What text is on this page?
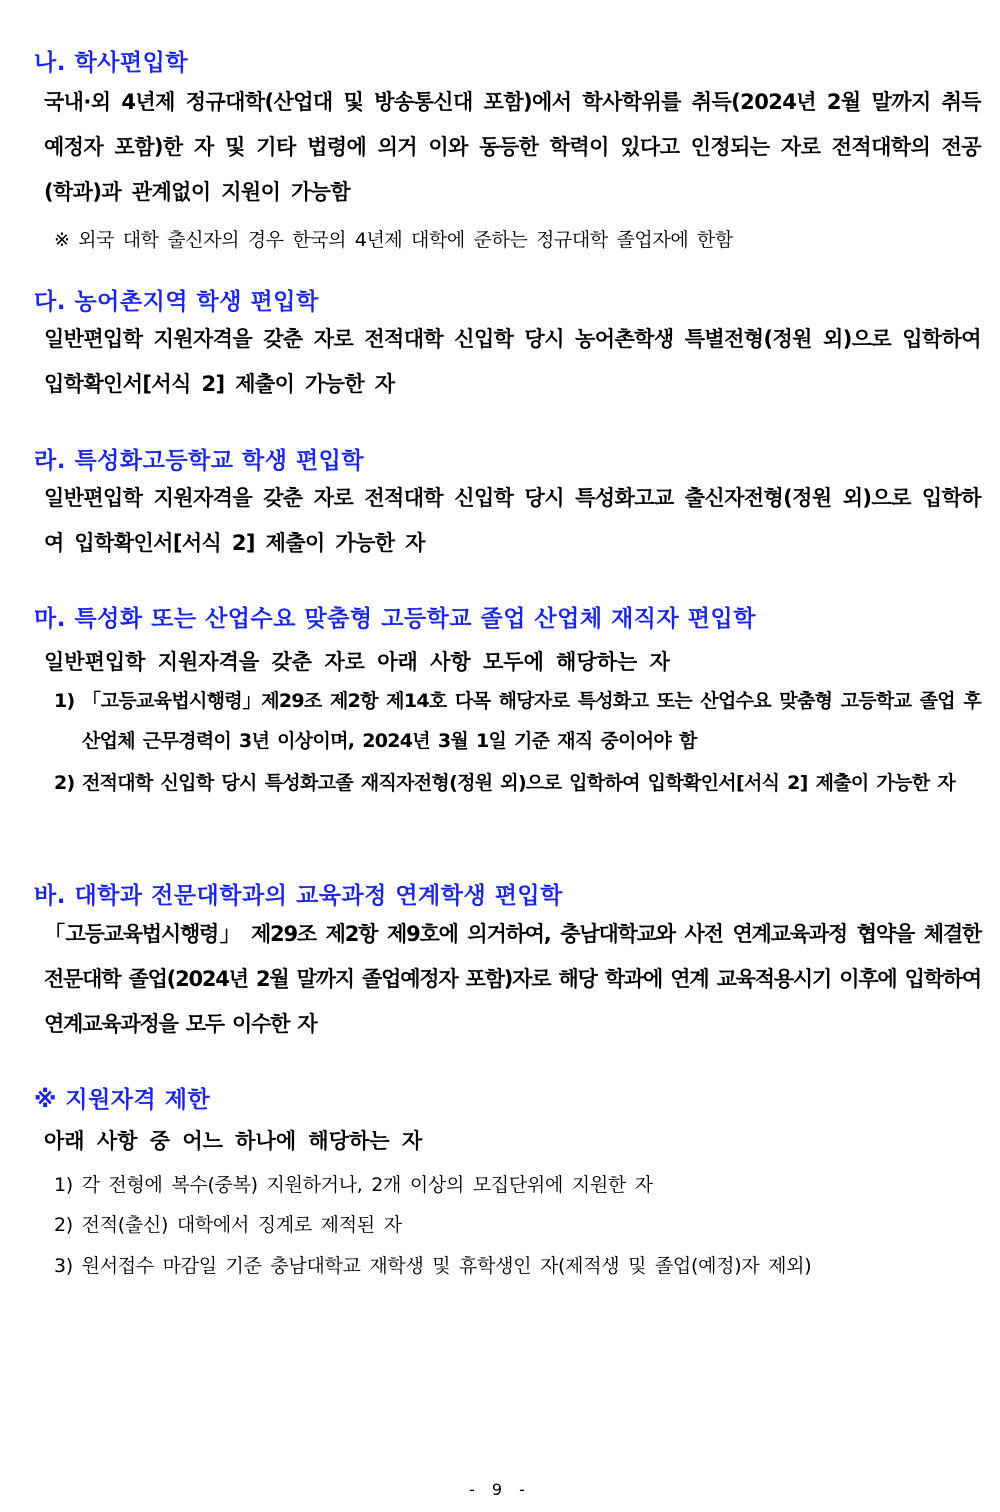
나. 학사편입학
국내·외 4년제 정규대학(산업대 및 방송통신대 포함)에서 학사학위를 취득(2024년 2월 말까지 취득예정자 포함)한 자 및 기타 법령에 의거 이와 동등한 학력이 있다고 인정되는 자로 전적대학의 전공(학과)과 관계없이 지원이 가능함
※ 외국 대학 출신자의 경우 한국의 4년제 대학에 준하는 정규대학 졸업자에 한함
다. 농어촌지역 학생 편입학
일반편입학 지원자격을 갖춘 자로 전적대학 신입학 당시 농어촌학생 특별전형(정원 외)으로 입학하여 입학확인서[서식 2] 제출이 가능한 자
라. 특성화고등학교 학생 편입학
일반편입학 지원자격을 갖춘 자로 전적대학 신입학 당시 특성화고교 출신자전형(정원 외)으로 입학하여 입학확인서[서식 2] 제출이 가능한 자
마. 특성화 또는 산업수요 맞춤형 고등학교 졸업 산업체 재직자 편입학
일반편입학 지원자격을 갖춘 자로 아래 사항 모두에 해당하는 자
1) 「고등교육법시행령」제29조 제2항 제14호 다목 해당자로 특성화고 또는 산업수요 맞춤형 고등학교 졸업 후 산업체 근무경력이 3년 이상이며, 2024년 3월 1일 기준 재직 중이어야 함
2) 전적대학 신입학 당시 특성화고졸 재직자전형(정원 외)으로 입학하여 입학확인서[서식 2] 제출이 가능한 자
바. 대학과 전문대학과의 교육과정 연계학생 편입학
「고등교육법시행령」 제29조 제2항 제9호에 의거하여, 충남대학교와 사전 연계교육과정 협약을 체결한 전문대학 졸업(2024년 2월 말까지 졸업예정자 포함)자로 해당 학과에 연계 교육적용시기 이후에 입학하여 연계교육과정을 모두 이수한 자
※ 지원자격 제한
아래 사항 중 어느 하나에 해당하는 자
1) 각 전형에 복수(중복) 지원하거나, 2개 이상의 모집단위에 지원한 자
2) 전적(출신) 대학에서 징계로 제적된 자
3) 원서접수 마감일 기준 충남대학교 재학생 및 휴학생인 자(제적생 및 졸업(예정)자 제외)
- 9 -
